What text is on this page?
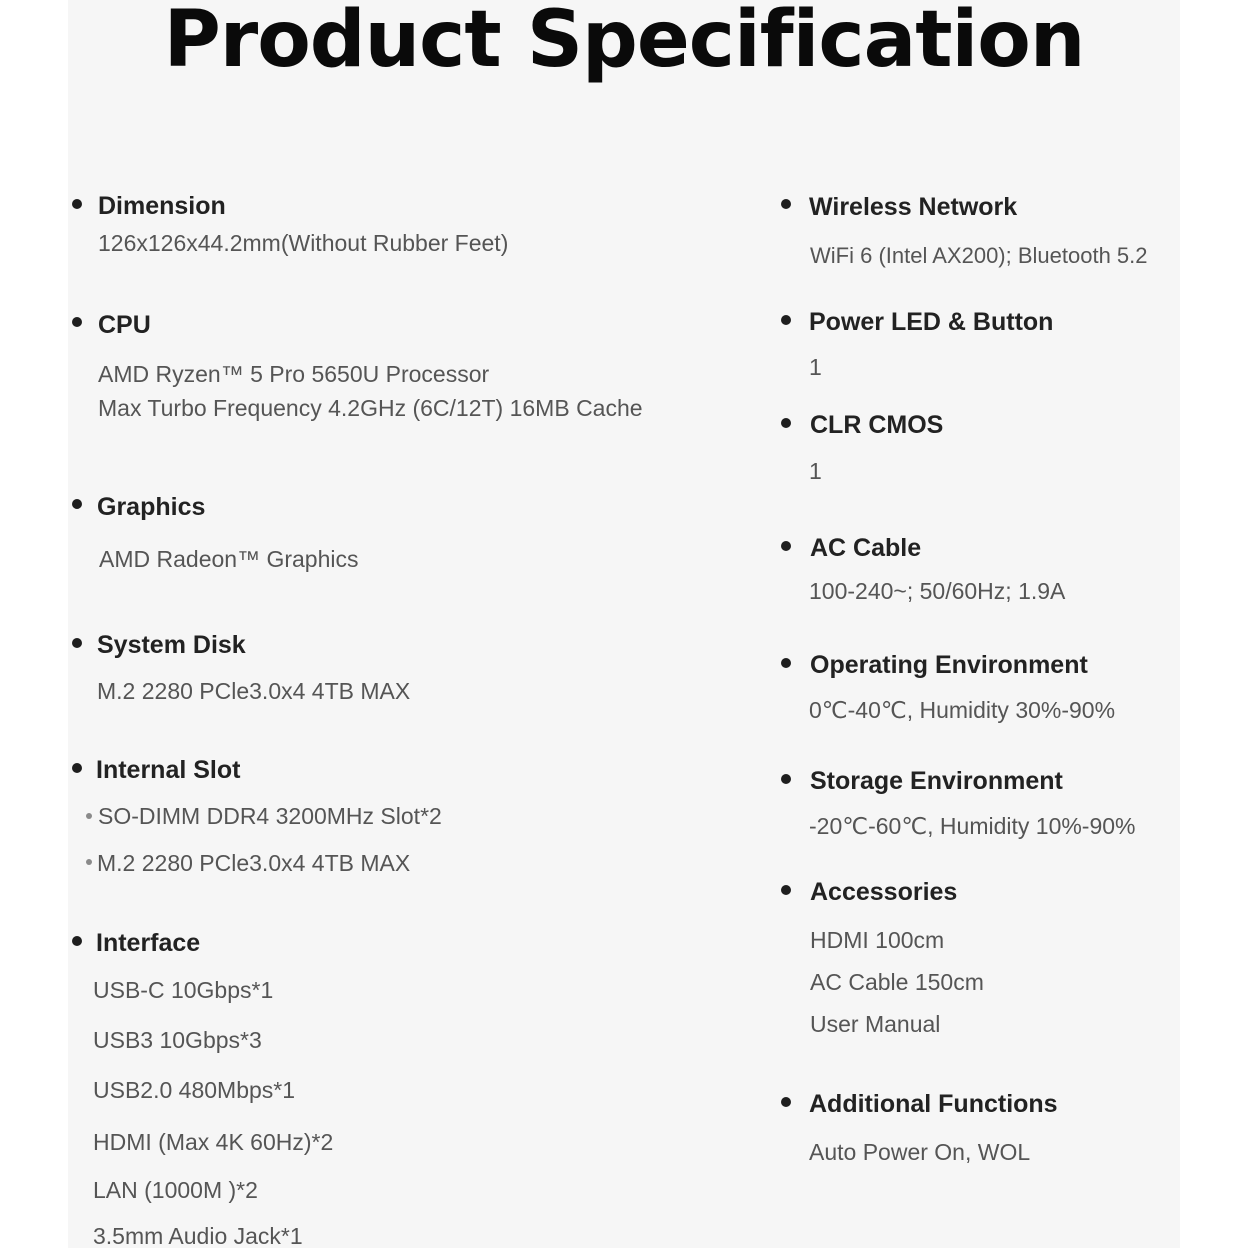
Product Specification
Dimension
126x126x44.2mm(Without Rubber Feet)
CPU
AMD Ryzen™ 5 Pro 5650U Processor
Max Turbo Frequency 4.2GHz (6C/12T) 16MB Cache
Graphics
AMD Radeon™ Graphics
System Disk
M.2 2280 PCle3.0x4 4TB MAX
Internal Slot
SO-DIMM DDR4 3200MHz Slot*2
M.2 2280 PCle3.0x4 4TB MAX
Interface
USB-C 10Gbps*1
USB3 10Gbps*3
USB2.0 480Mbps*1
HDMI (Max 4K 60Hz)*2
LAN (1000M )*2
3.5mm Audio Jack*1
Wireless Network
WiFi 6 (Intel AX200); Bluetooth 5.2
Power LED & Button
1
CLR CMOS
1
AC Cable
100-240~; 50/60Hz; 1.9A
Operating Environment
0℃-40℃, Humidity 30%-90%
Storage Environment
-20℃-60℃, Humidity 10%-90%
Accessories
HDMI 100cm
AC Cable 150cm
User Manual
Additional Functions
Auto Power On, WOL
